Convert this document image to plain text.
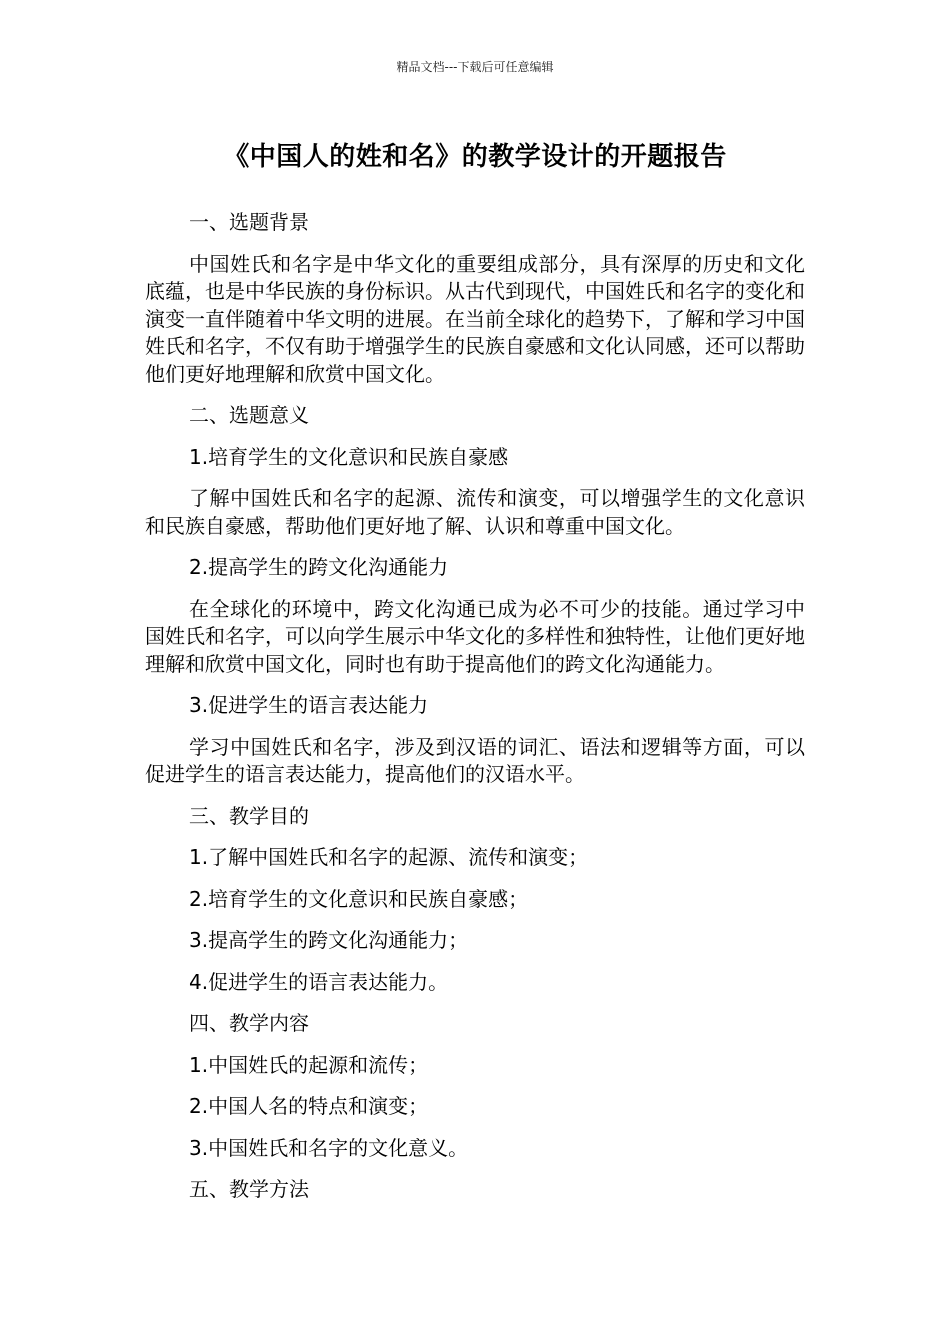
精品文档---下载后可任意编辑
《中国人的姓和名》的教学设计的开题报告

一、选题背景

中国姓氏和名字是中华文化的重要组成部分，具有深厚的历史和文化底蕴，也是中华民族的身份标识。从古代到现代，中国姓氏和名字的变化和演变一直伴随着中华文明的进展。在当前全球化的趋势下，了解和学习中国姓氏和名字，不仅有助于增强学生的民族自豪感和文化认同感，还可以帮助他们更好地理解和欣赏中国文化。

二、选题意义

1.培育学生的文化意识和民族自豪感

了解中国姓氏和名字的起源、流传和演变，可以增强学生的文化意识和民族自豪感，帮助他们更好地了解、认识和尊重中国文化。

2.提高学生的跨文化沟通能力

在全球化的环境中，跨文化沟通已成为必不可少的技能。通过学习中国姓氏和名字，可以向学生展示中华文化的多样性和独特性，让他们更好地理解和欣赏中国文化，同时也有助于提高他们的跨文化沟通能力。

3.促进学生的语言表达能力

学习中国姓氏和名字，涉及到汉语的词汇、语法和逻辑等方面，可以促进学生的语言表达能力，提高他们的汉语水平。

三、教学目的

1.了解中国姓氏和名字的起源、流传和演变；

2.培育学生的文化意识和民族自豪感；

3.提高学生的跨文化沟通能力；

4.促进学生的语言表达能力。

四、教学内容

1.中国姓氏的起源和流传；

2.中国人名的特点和演变；

3.中国姓氏和名字的文化意义。

五、教学方法
